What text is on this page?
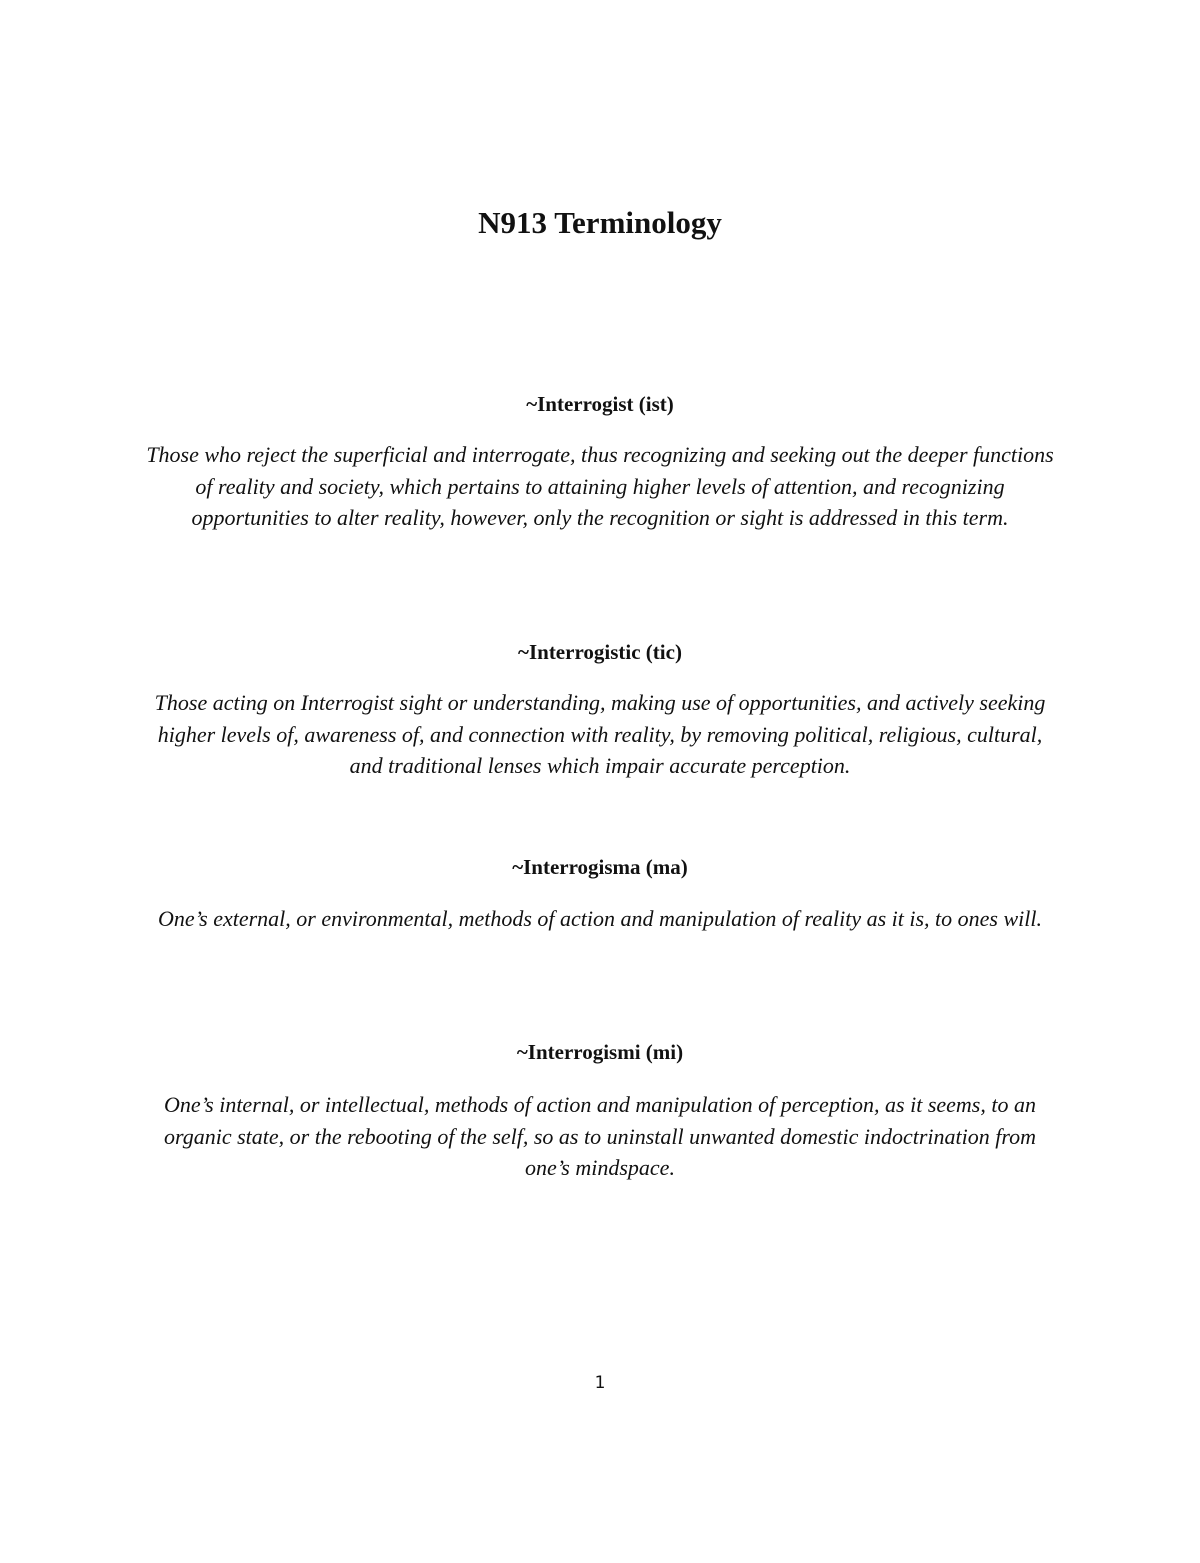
N913 Terminology
~Interrogist (ist)

Those who reject the superficial and interrogate, thus recognizing and seeking out the deeper functions of reality and society, which pertains to attaining higher levels of attention, and recognizing opportunities to alter reality, however, only the recognition or sight is addressed in this term.

~Interrogistic (tic)

Those acting on Interrogist sight or understanding, making use of opportunities, and actively seeking higher levels of, awareness of, and connection with reality, by removing political, religious, cultural, and traditional lenses which impair accurate perception.

~Interrogisma (ma)

One’s external, or environmental, methods of action and manipulation of reality as it is, to ones will.

~Interrogismi (mi)

One’s internal, or intellectual, methods of action and manipulation of perception, as it seems, to an organic state, or the rebooting of the self, so as to uninstall unwanted domestic indoctrination from one’s mindspace.

1
